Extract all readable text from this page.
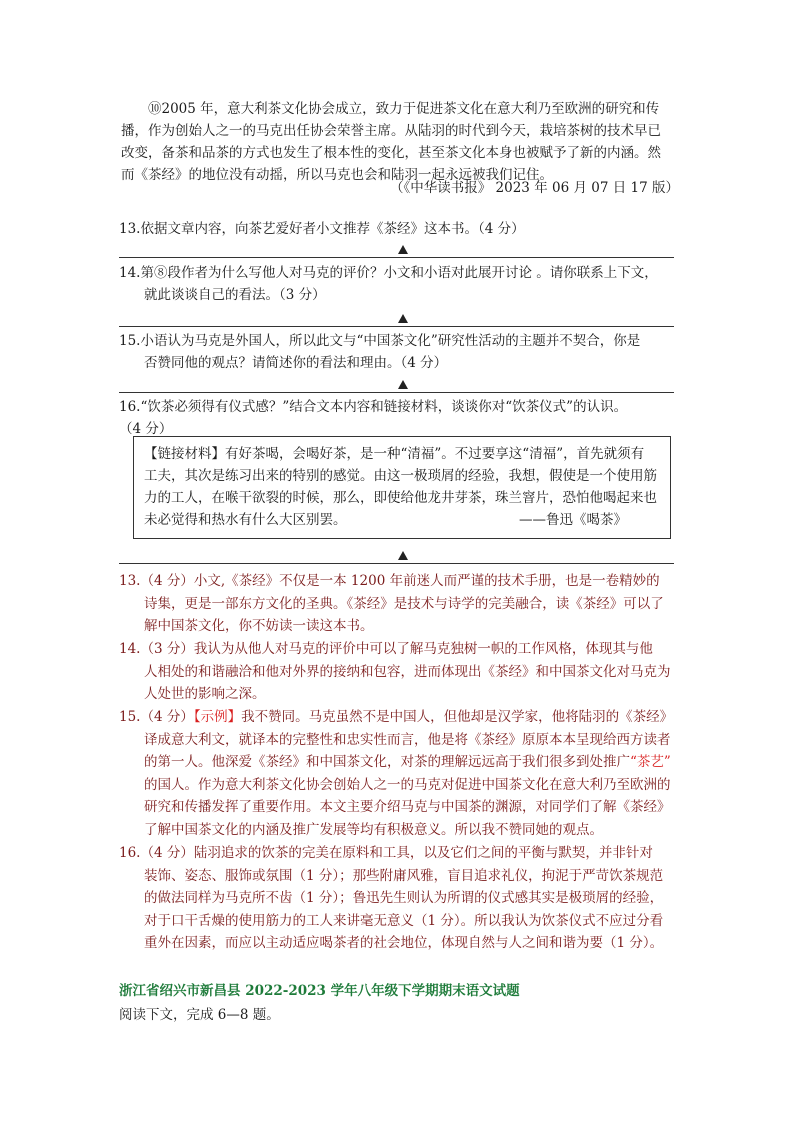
⑩2005 年，意大利茶文化协会成立，致力于促进茶文化在意大利乃至欧洲的研究和传

播，作为创始人之一的马克出任协会荣誉主席。从陆羽的时代到今天，栽培茶树的技术早已

改变，备茶和品茶的方式也发生了根本性的变化，甚至茶文化本身也被赋予了新的内涵。然

而《茶经》的地位没有动摇，所以马克也会和陆羽一起永远被我们记住。

（《中华读书报》 2023 年 06 月 07 日 17 版）

13.依据文章内容，向茶艺爱好者小文推荐《茶经》这本书。（4 分）

14.第⑧段作者为什么写他人对马克的评价？小文和小语对此展开讨论 。请你联系上下文，

就此谈谈自己的看法。（3 分）

15.小语认为马克是外国人，所以此文与“中国茶文化”研究性活动的主题并不契合，你是

否赞同他的观点？请简述你的看法和理由。（4 分）

16.“饮茶必须得有仪式感？”结合文本内容和链接材料，谈谈你对“饮茶仪式”的认识。

（4 分）

【链接材料】有好茶喝，会喝好茶，是一种“清福”。不过要享这“清福”，首先就须有

工夫，其次是练习出来的特别的感觉。由这一极琐屑的经验，我想，假使是一个使用筋

力的工人，在喉干欲裂的时候，那么，即使给他龙井芽茶，珠兰窨片，恐怕他喝起来也

未必觉得和热水有什么大区别罢。	——鲁迅《喝茶》

13.（4 分）小文,《茶经》不仅是一本 1200 年前迷人而严谨的技术手册，也是一卷精妙的

诗集，更是一部东方文化的圣典。《茶经》是技术与诗学的完美融合，读《茶经》可以了

解中国茶文化，你不妨读一读这本书。

14.（3 分）我认为从他人对马克的评价中可以了解马克独树一帜的工作风格，体现其与他

人相处的和谐融洽和他对外界的接纳和包容，进而体现出《茶经》和中国茶文化对马克为

人处世的影响之深。

15.（4 分）【示例】我不赞同。马克虽然不是中国人，但他却是汉学家，他将陆羽的《茶经》

译成意大利文，就译本的完整性和忠实性而言，他是将《茶经》原原本本呈现给西方读者

的第一人。他深爱《茶经》和中国茶文化，对茶的理解远远高于我们很多到处推广“茶艺”

的国人。作为意大利茶文化协会创始人之一的马克对促进中国茶文化在意大利乃至欧洲的

研究和传播发挥了重要作用。本文主要介绍马克与中国茶的渊源，对同学们了解《茶经》

了解中国茶文化的内涵及推广发展等均有积极意义。所以我不赞同她的观点。

16.（4 分）陆羽追求的饮茶的完美在原料和工具，以及它们之间的平衡与默契，并非针对

装饰、姿态、服饰或氛围（1 分）；那些附庸风雅，盲目追求礼仪，拘泥于严苛饮茶规范

的做法同样为马克所不齿（1 分）；鲁迅先生则认为所谓的仪式感其实是极琐屑的经验，

对于口干舌燥的使用筋力的工人来讲毫无意义（1 分）。所以我认为饮茶仪式不应过分看

重外在因素，而应以主动适应喝茶者的社会地位，体现自然与人之间和谐为要（1 分）。

浙江省绍兴市新昌县 2022-2023 学年八年级下学期期末语文试题
阅读下文，完成 6—8 题。
